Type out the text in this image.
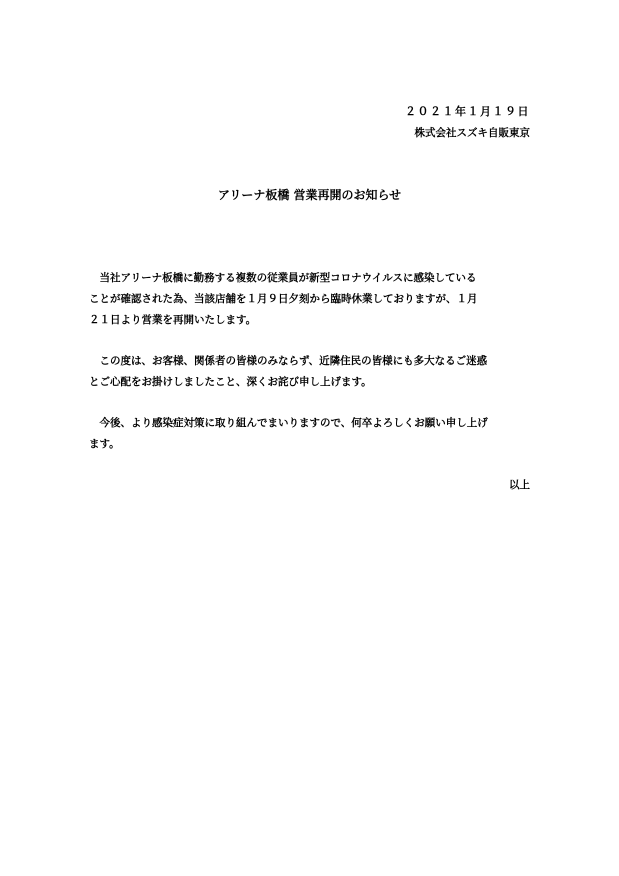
２０２１年１月１９日
株式会社スズキ自販東京
アリーナ板橋 営業再開のお知らせ
　当社アリーナ板橋に勤務する複数の従業員が新型コロナウイルスに感染している
ことが確認された為、当該店舗を１月９日夕刻から臨時休業しておりますが、１月
２１日より営業を再開いたします。
　この度は、お客様、関係者の皆様のみならず、近隣住民の皆様にも多大なるご迷惑
とご心配をお掛けしましたこと、深くお詫び申し上げます。
　今後、より感染症対策に取り組んでまいりますので、何卒よろしくお願い申し上げ
ます。
以上
